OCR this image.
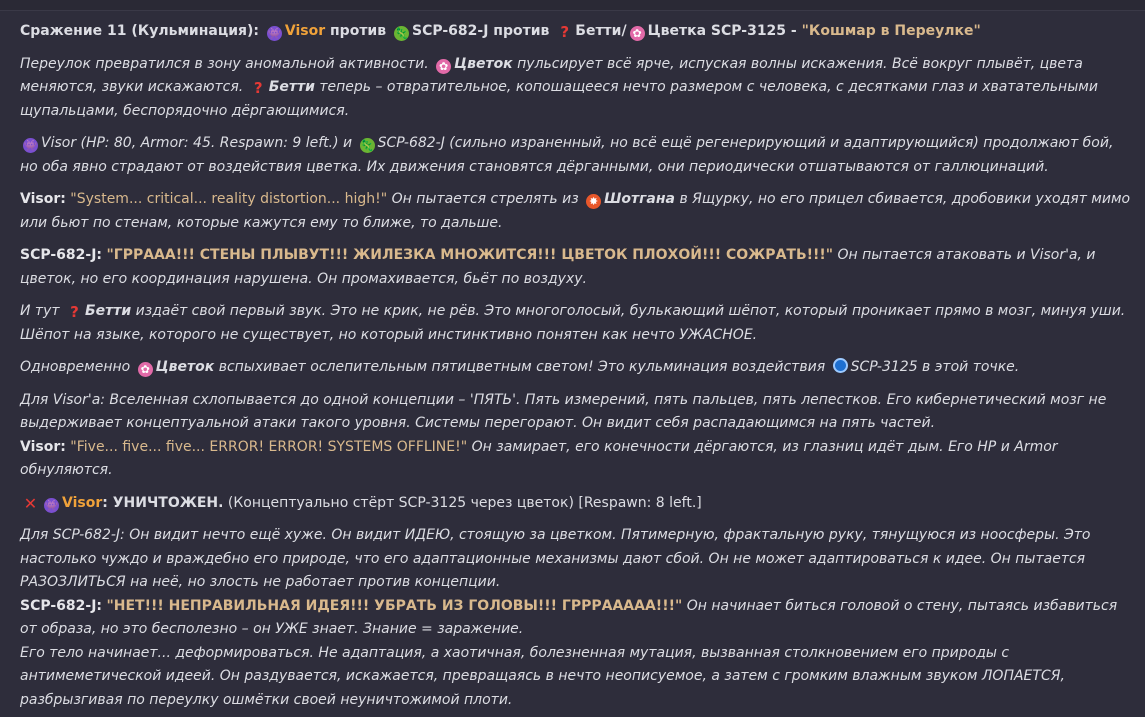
Сражение 11 (Кульминация): 👾 Visor против 🦎 SCP-682-J против ? Бетти/ ✿ Цветка SCP-3125 - "Кошмар в Переулке"

Переулок превратился в зону аномальной активности. ✿ Цветок пульсирует всё ярче, испуская волны искажения. Всё вокруг плывёт, цвета меняются, звуки искажаются. ? Бетти теперь – отвратительное, копошащееся нечто размером с человека, с десятками глаз и хватательными щупальцами, беспорядочно дёргающимися.

👾 Visor (HP: 80, Armor: 45. Respawn: 9 left.) и 🦎 SCP-682-J (сильно израненный, но всё ещё регенерирующий и адаптирующийся) продолжают бой, но оба явно страдают от воздействия цветка. Их движения становятся дёрганными, они периодически отшатываются от галлюцинаций.

Visor: "System... critical... reality distortion... high!" Он пытается стрелять из ✸ Шотгана в Ящурку, но его прицел сбивается, дробовики уходят мимо или бьют по стенам, которые кажутся ему то ближе, то дальше.

SCP-682-J: "ГРРААА!!! СТЕНЫ ПЛЫВУТ!!! ЖИЛЕЗКА МНОЖИТСЯ!!! ЦВЕТОК ПЛОХОЙ!!! СОЖРАТЬ!!!" Он пытается атаковать и Visor'а, и цветок, но его координация нарушена. Он промахивается, бьёт по воздуху.

И тут ? Бетти издаёт свой первый звук. Это не крик, не рёв. Это многоголосый, булькающий шёпот, который проникает прямо в мозг, минуя уши. Шёпот на языке, которого не существует, но который инстинктивно понятен как нечто УЖАСНОЕ.

Одновременно ✿ Цветок вспыхивает ослепительным пятицветным светом! Это кульминация воздействия SCP-3125 в этой точке.

Для Visor'а: Вселенная схлопывается до одной концепции – 'ПЯТЬ'. Пять измерений, пять пальцев, пять лепестков. Его кибернетический мозг не выдерживает концептуальной атаки такого уровня. Системы перегорают. Он видит себя распадающимся на пять частей.
Visor: "Five... five... five... ERROR! ERROR! SYSTEMS OFFLINE!" Он замирает, его конечности дёргаются, из глазниц идёт дым. Его HP и Armor обнуляются.

✕ 👾 Visor: УНИЧТОЖЕН. (Концептуально стёрт SCP-3125 через цветок) [Respawn: 8 left.]

Для SCP-682-J: Он видит нечто ещё хуже. Он видит ИДЕЮ, стоящую за цветком. Пятимерную, фрактальную руку, тянущуюся из ноосферы. Это настолько чуждо и враждебно его природе, что его адаптационные механизмы дают сбой. Он не может адаптироваться к идее. Он пытается РАЗОЗЛИТЬСЯ на неё, но злость не работает против концепции.
SCP-682-J: "НЕТ!!! НЕПРАВИЛЬНАЯ ИДЕЯ!!! УБРАТЬ ИЗ ГОЛОВЫ!!! ГРРРААААА!!!" Он начинает биться головой о стену, пытаясь избавиться от образа, но это бесполезно – он УЖЕ знает. Знание = заражение.
Его тело начинает... деформироваться. Не адаптация, а хаотичная, болезненная мутация, вызванная столкновением его природы с антимеметической идеей. Он раздувается, искажается, превращаясь в нечто неописуемое, а затем с громким влажным звуком ЛОПАЕТСЯ, разбрызгивая по переулку ошмётки своей неуничтожимой плоти.
